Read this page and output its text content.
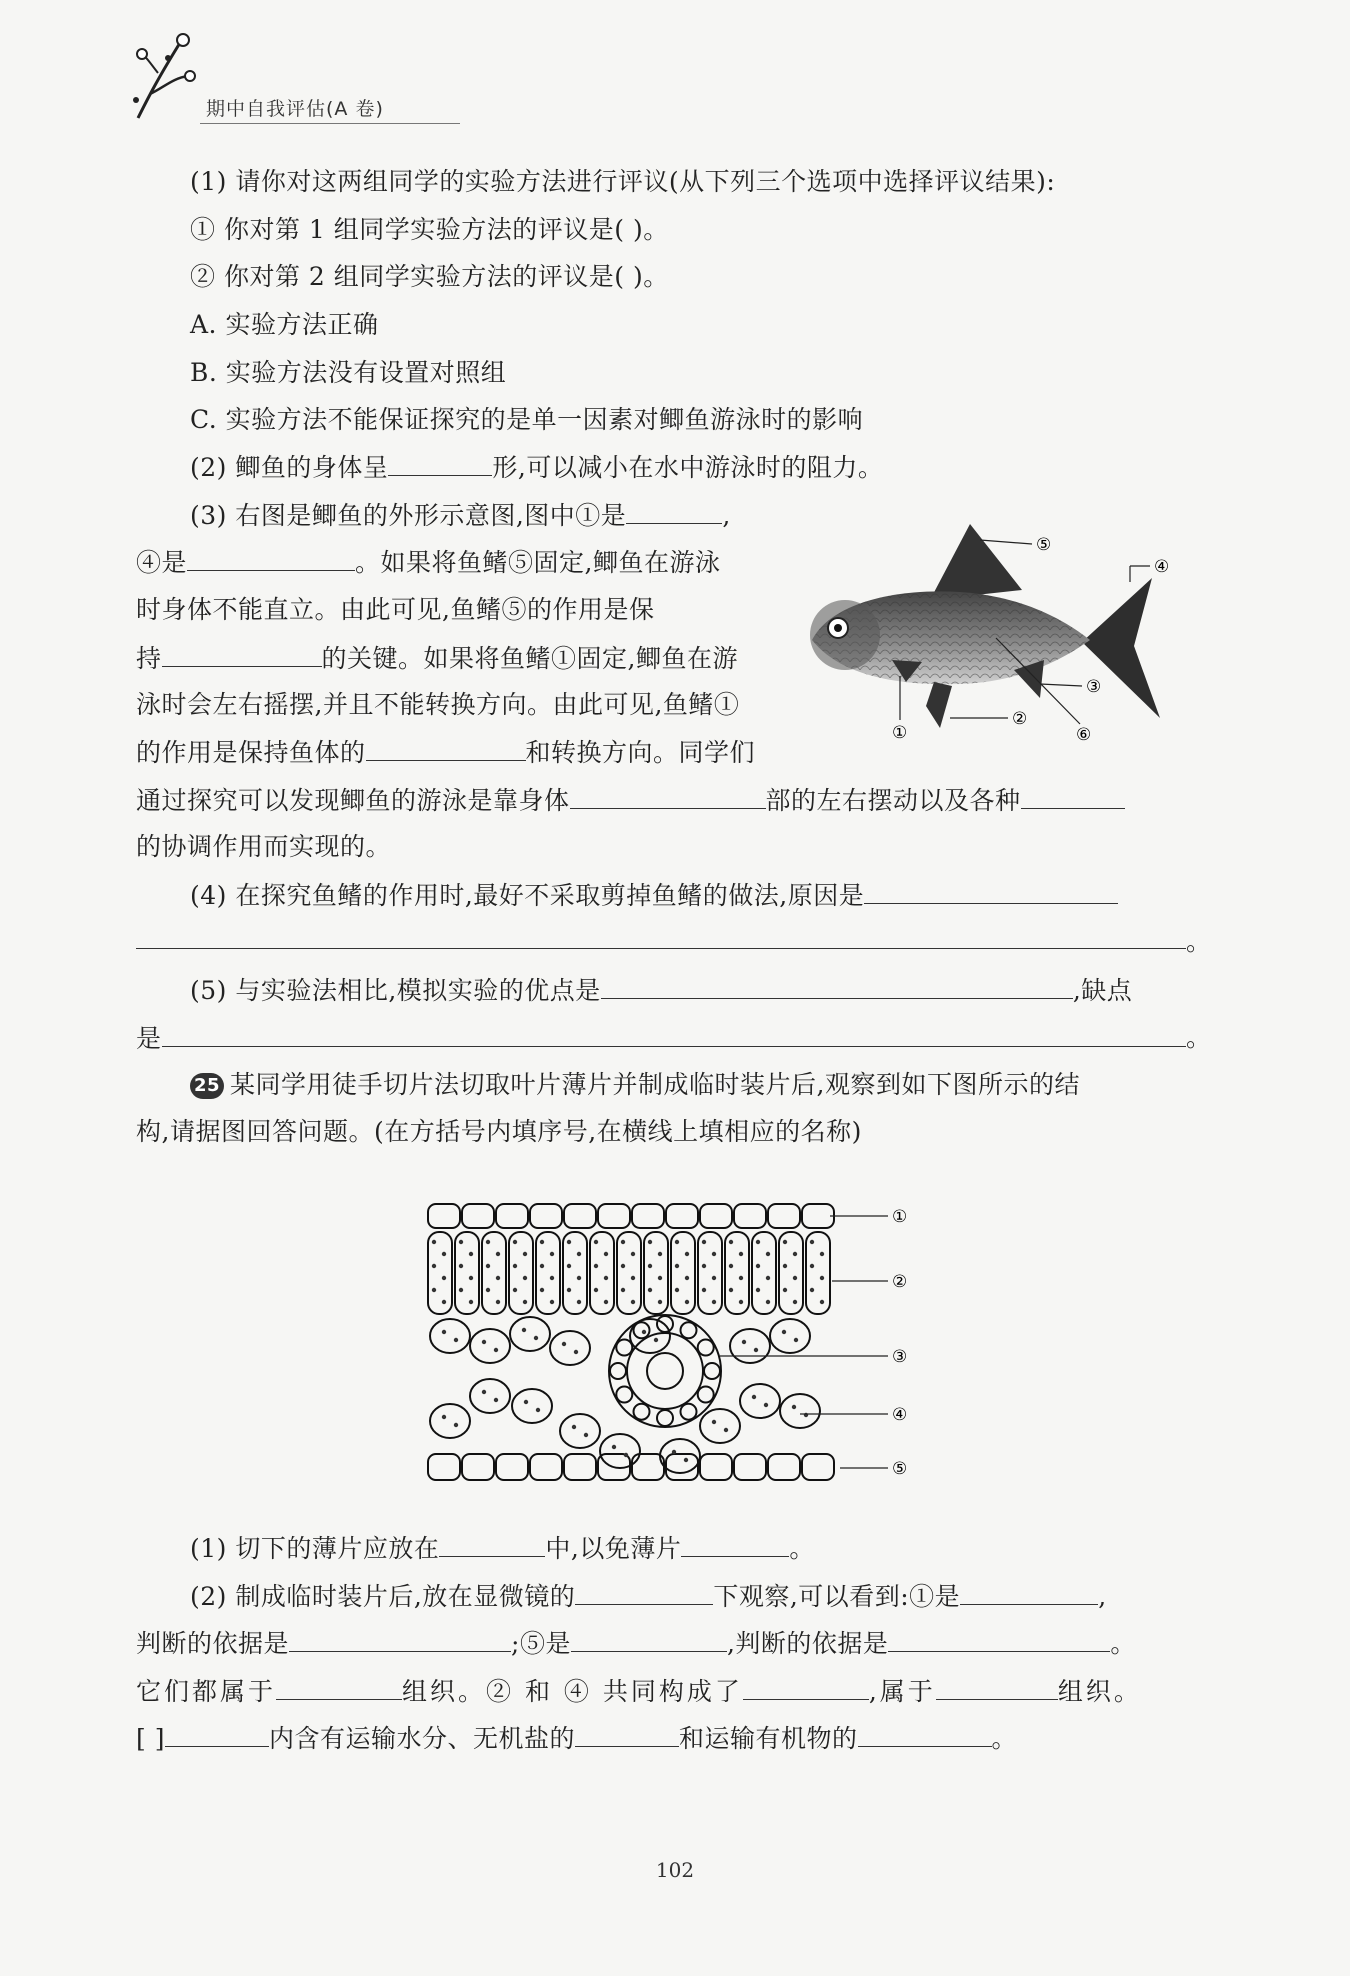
期中自我评估(A 卷)
(1) 请你对这两组同学的实验方法进行评议(从下列三个选项中选择评议结果):
① 你对第 1 组同学实验方法的评议是( )。
② 你对第 2 组同学实验方法的评议是( )。
A. 实验方法正确
B. 实验方法没有设置对照组
C. 实验方法不能保证探究的是单一因素对鲫鱼游泳时的影响
(2) 鲫鱼的身体呈	形,可以减小在水中游泳时的阻力。
(3) 右图是鲫鱼的外形示意图,图中①是	,
④是	。如果将鱼鳍⑤固定,鲫鱼在游泳
时身体不能直立。由此可见,鱼鳍⑤的作用是保
持	的关键。如果将鱼鳍①固定,鲫鱼在游
泳时会左右摇摆,并且不能转换方向。由此可见,鱼鳍①
的作用是保持鱼体的	和转换方向。同学们
通过探究可以发现鲫鱼的游泳是靠身体	部的左右摆动以及各种
的协调作用而实现的。
(4) 在探究鱼鳍的作用时,最好不采取剪掉鱼鳍的做法,原因是
。
(5) 与实验法相比,模拟实验的优点是	,缺点
是	。
⑤
④
③
②
①	⑥
25 某同学用徒手切片法切取叶片薄片并制成临时装片后,观察到如下图所示的结
构,请据图回答问题。(在方括号内填序号,在横线上填相应的名称)
①
②
③
④
⑤
(1) 切下的薄片应放在	中,以免薄片	。
(2) 制成临时装片后,放在显微镜的	下观察,可以看到:①是	,
判断的依据是	;⑤是	,判断的依据是	。
它们都属于	组织。② 和 ④ 共同构成了	,属于	组织。
[ ]	内含有运输水分、无机盐的	和运输有机物的	。
102
